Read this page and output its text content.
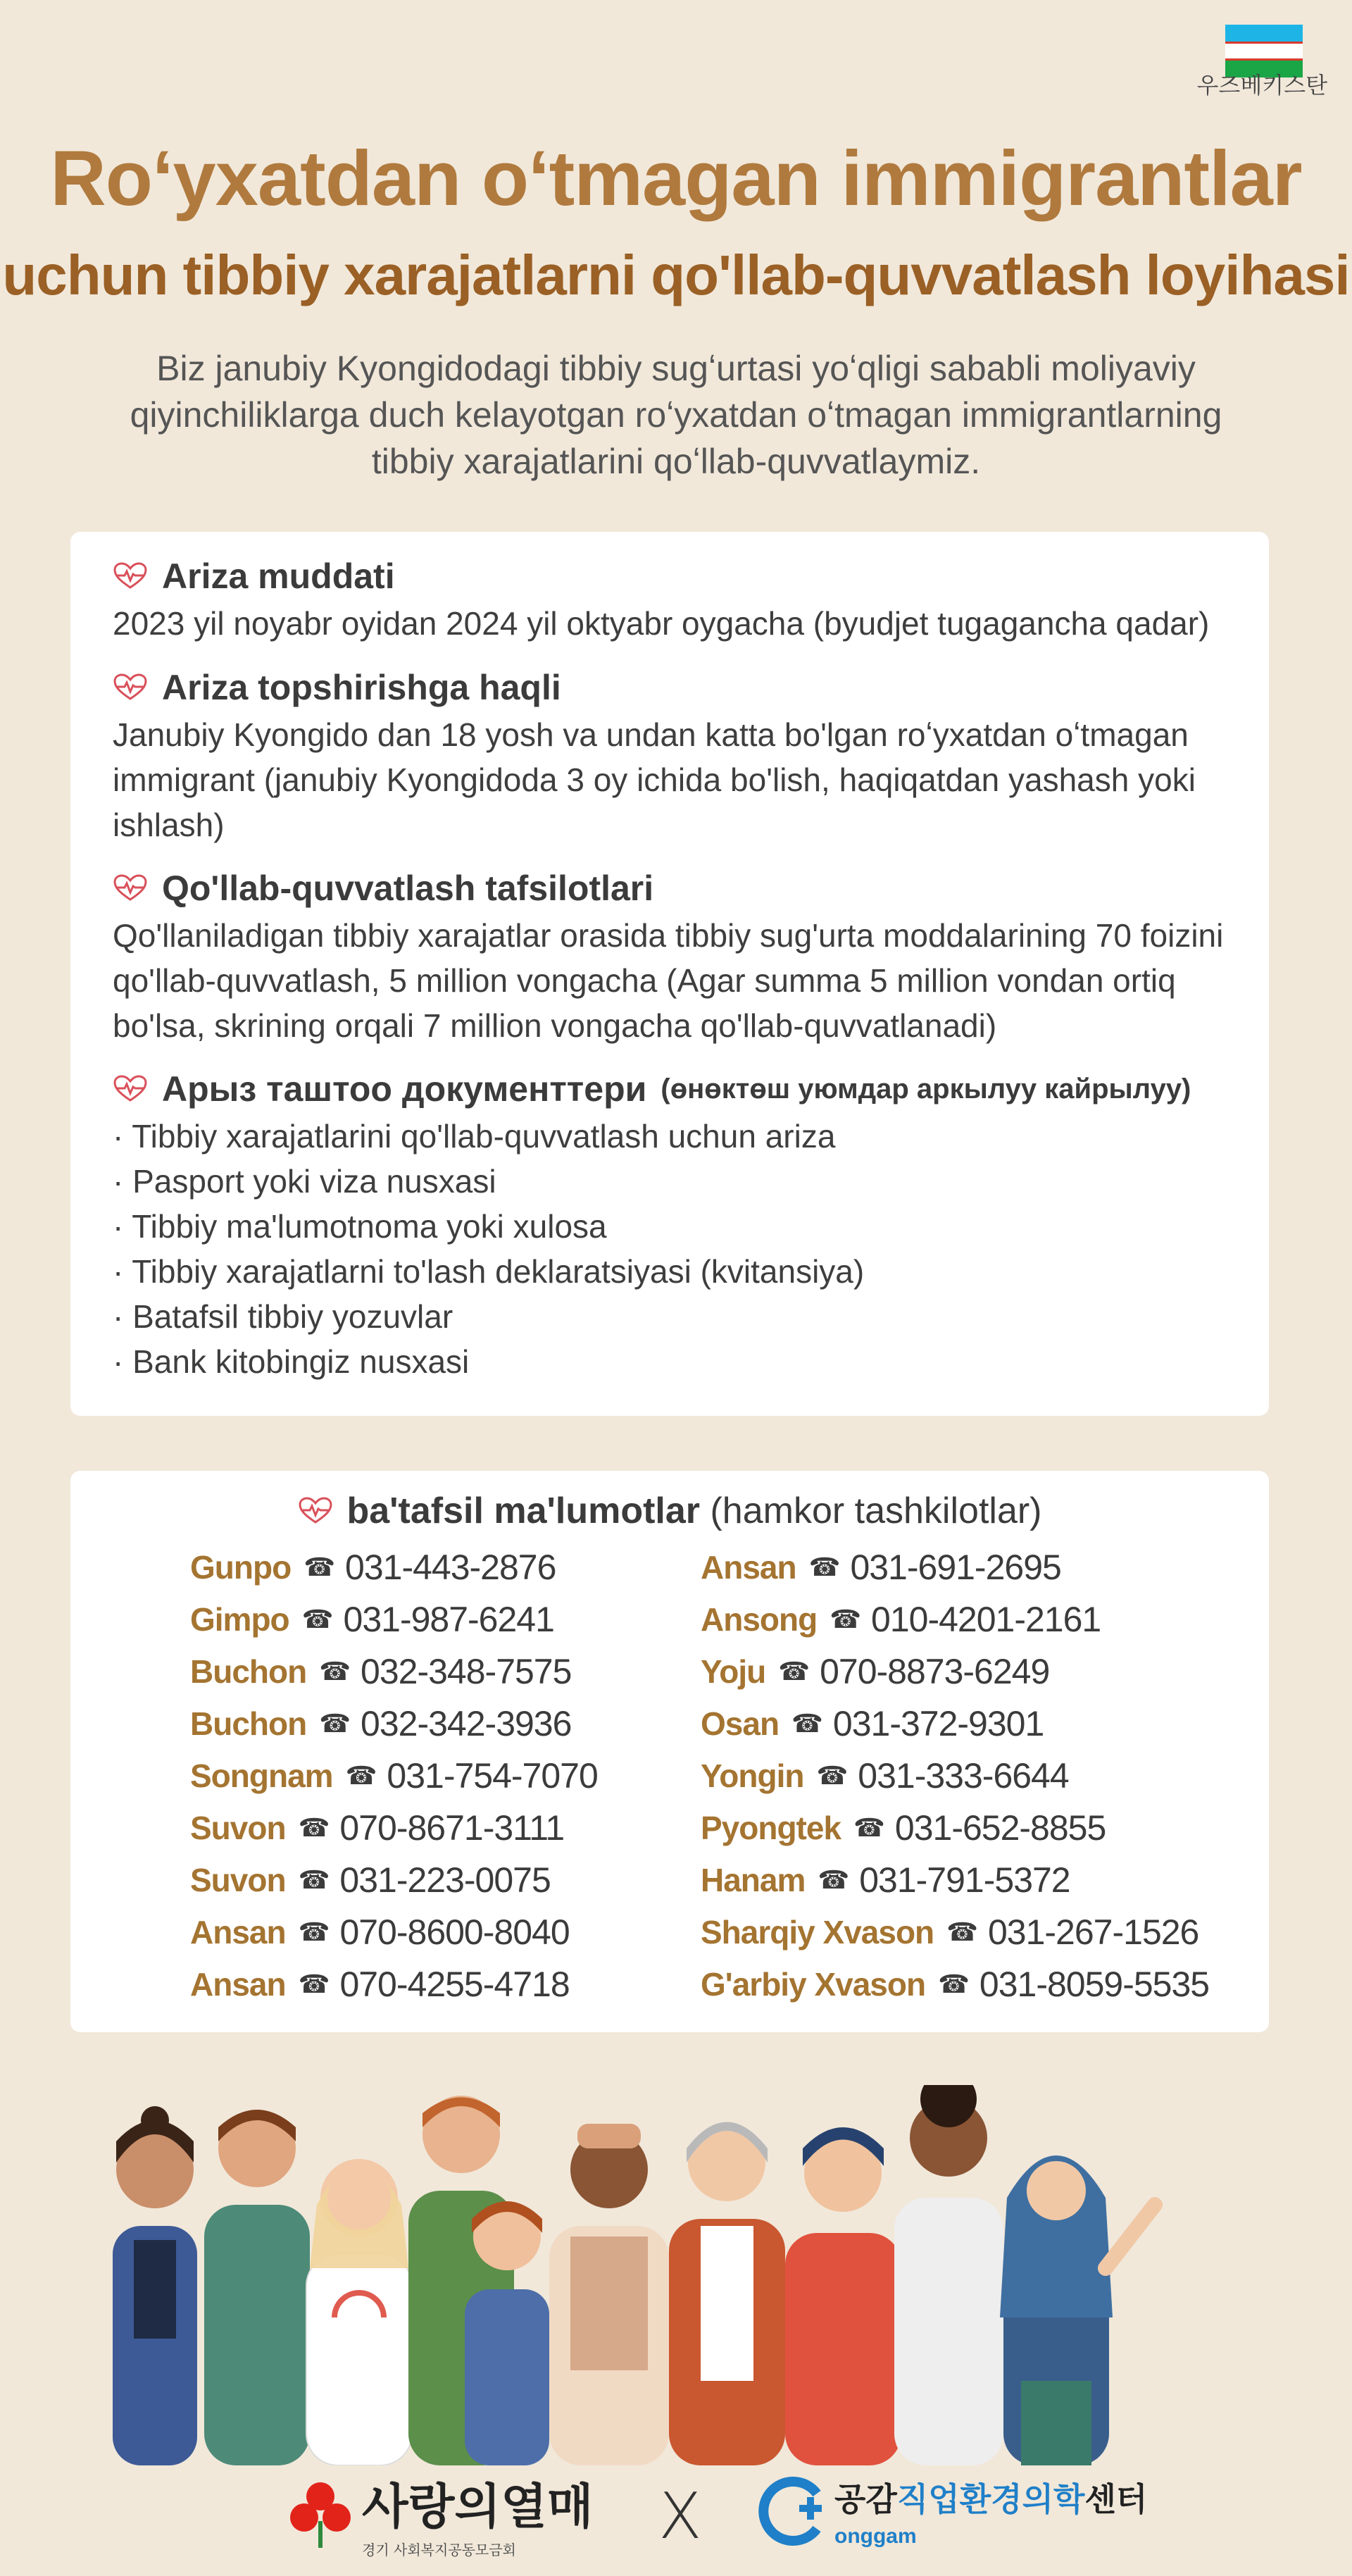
우즈베키스탄
Roʻyxatdan oʻtmagan immigrantlar
uchun tibbiy xarajatlarni qo'llab-quvvatlash loyihasi
Biz janubiy Kyongidodagi tibbiy sugʻurtasi yoʻqligi sababli moliyaviy qiyinchiliklarga duch kelayotgan roʻyxatdan oʻtmagan immigrantlarning tibbiy xarajatlarini qoʻllab-quvvatlaymiz.
Ariza muddati
2023 yil noyabr oyidan 2024 yil oktyabr oygacha (byudjet tugagancha qadar)
Ariza topshirishga haqli
Janubiy Kyongido dan 18 yosh va undan katta bo'lgan roʻyxatdan oʻtmagan immigrant (janubiy Kyongidoda 3 oy ichida bo'lish, haqiqatdan yashash yoki ishlash)
Qo'llab-quvvatlash tafsilotlari
Qo'llaniladigan tibbiy xarajatlar orasida tibbiy sug'urta moddalarining 70 foizini qo'llab-quvvatlash, 5 million vongacha (Agar summa 5 million vondan ortiq bo'lsa, skrining orqali 7 million vongacha qo'llab-quvvatlanadi)
Арыз таштоо документтери (өнөктөш уюмдар аркылуу кайрылуу)
· Tibbiy xarajatlarini qo'llab-quvvatlash uchun ariza
· Pasport yoki viza nusxasi
· Tibbiy ma'lumotnoma yoki xulosa
· Tibbiy xarajatlarni to'lash deklaratsiyasi (kvitansiya)
· Batafsil tibbiy yozuvlar
· Bank kitobingiz nusxasi
ba'tafsil ma'lumotlar (hamkor tashkilotlar)
Gunpo ☎ 031-443-2876
Gimpo ☎ 031-987-6241
Buchon ☎ 032-348-7575
Buchon ☎ 032-342-3936
Songnam ☎ 031-754-7070
Suvon ☎ 070-8671-3111
Suvon ☎ 031-223-0075
Ansan ☎ 070-8600-8040
Ansan ☎ 070-4255-4718
Ansan ☎ 031-691-2695
Ansong ☎ 010-4201-2161
Yoju ☎ 070-8873-6249
Osan ☎ 031-372-9301
Yongin ☎ 031-333-6644
Pyongtek ☎ 031-652-8855
Hanam ☎ 031-791-5372
Sharqiy Xvason ☎ 031-267-1526
G'arbiy Xvason ☎ 031-8059-5535
사랑의열매
경기 사회복지공동모금회	X	공감직업환경의학센터
onggam
